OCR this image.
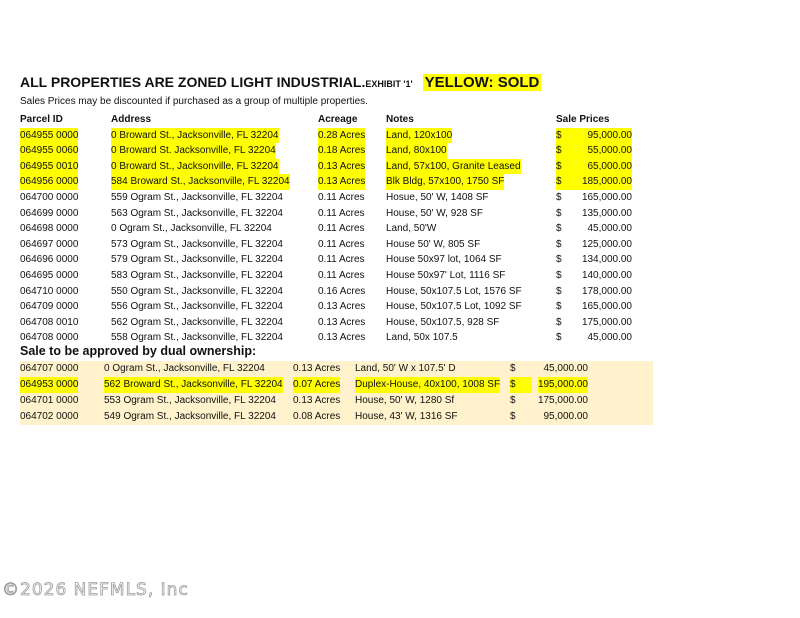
ALL PROPERTIES ARE ZONED LIGHT INDUSTRIAL.EXHIBIT '1' YELLOW: SOLD
Sales Prices may be discounted if purchased as a group of multiple properties.
Parcel ID	Address	Acreage	Notes	Sale Prices
064955 0000	0 Broward St., Jacksonville, FL 32204	0.28 Acres Land, 120x100	$	95,000.00
064955 0060	0 Broward St. Jacksonville, FL 32204	0.18 Acres Land, 80x100	$	55,000.00
064955 0010	0 Broward St., Jacksonville, FL 32204	0.13 Acres Land, 57x100, Granite Leased	$	65,000.00
064956 0000	584 Broward St., Jacksonville, FL 32204	0.13 Acres Blk Bldg, 57x100, 1750 SF	$	185,000.00
064700 0000	559 Ogram St., Jacksonville, FL 32204	0.11 Acres Hosue, 50' W, 1408 SF	$ 165,000.00
064699 0000	563 Ogram St., Jacksonville, FL 32204	0.11 Acres House, 50' W, 928 SF	$ 135,000.00
064698 0000	0 Ogram St., Jacksonville, FL 32204	0.11 Acres Land, 50'W	$	45,000.00
064697 0000	573 Ogram St., Jacksonville, FL 32204	0.11 Acres House 50' W, 805 SF	$ 125,000.00
064696 0000	579 Ogram St., Jacksonville, FL 32204	0.11 Acres House 50x97 lot, 1064 SF	$ 134,000.00
064695 0000	583 Ogram St., Jacksonville, FL 32204	0.11 Acres House 50x97' Lot, 1116 SF	$ 140,000.00
064710 0000	550 Ogram St., Jacksonville, FL 32204	0.16 Acres House, 50x107.5 Lot, 1576 SF	$ 178,000.00
064709 0000	556 Ogram St., Jacksonville, FL 32204	0.13 Acres House, 50x107.5 Lot, 1092 SF	$ 165,000.00
064708 0010	562 Ogram St., Jacksonville, FL 32204	0.13 Acres House, 50x107.5, 928 SF	$ 175,000.00
064708 0000	558 Ogram St., Jacksonville, FL 32204	0.13 Acres Land, 50x 107.5	$	45,000.00
Sale to be approved by dual ownership:
064707 0000	0 Ogram St., Jacksonville, FL 32204	0.13 Acres Land, 50' W x 107.5' D	$	45,000.00
064953 0000	562 Broward St., Jacksonville, FL 32204 0.07 Acres Duplex-House, 40x100, 1008 SF $	195,000.00
064701 0000	553 Ogram St., Jacksonville, FL 32204 0.13 Acres House, 50' W, 1280 Sf	$ 175,000.00
064702 0000	549 Ogram St., Jacksonville, FL 32204 0.08 Acres House, 43' W, 1316 SF	$	95,000.00
©2026 NEFMLS, Inc
